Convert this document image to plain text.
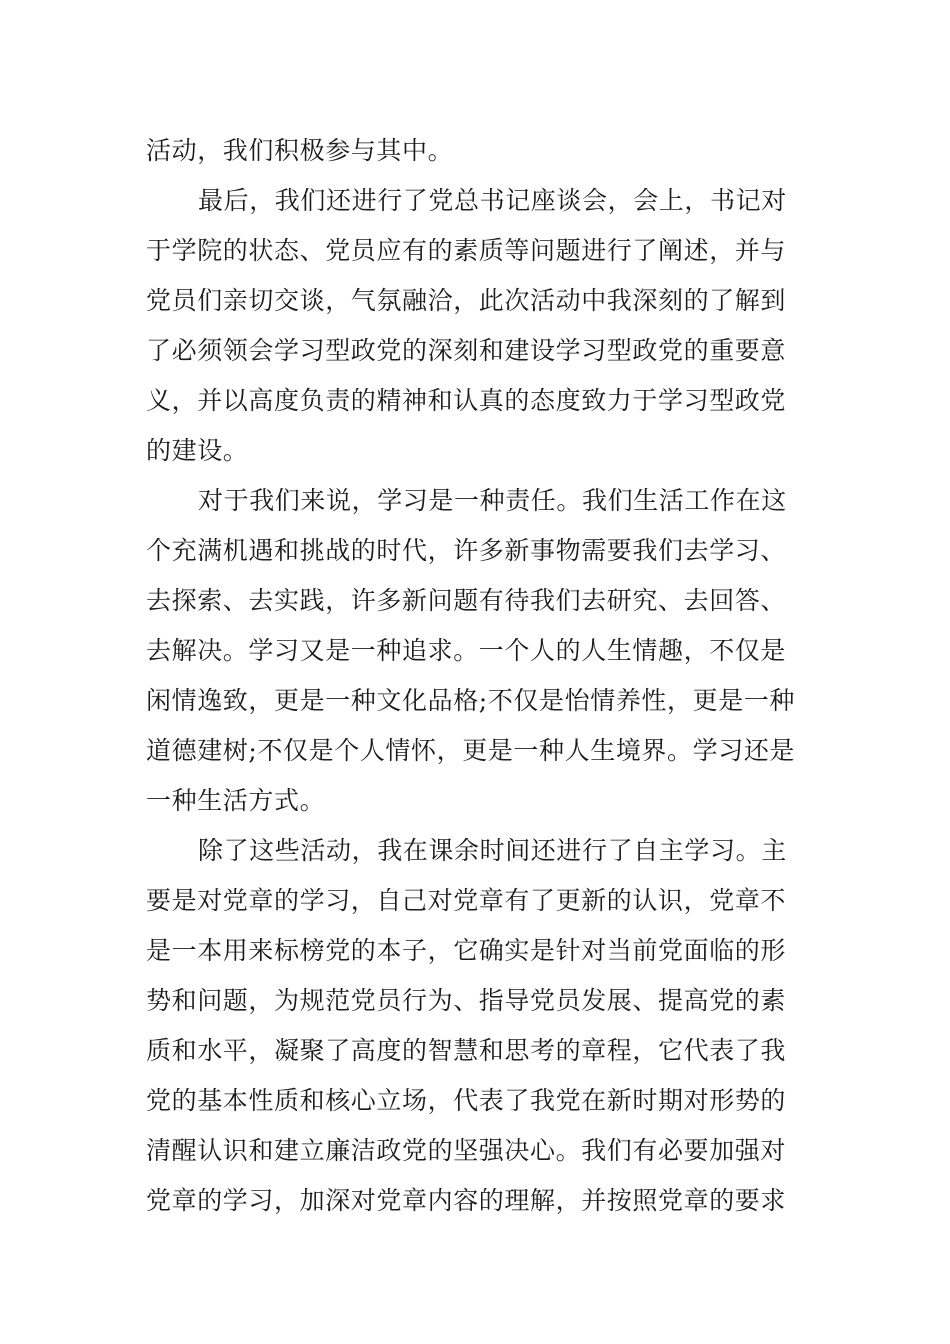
活动，我们积极参与其中。
最后，我们还进行了党总书记座谈会，会上，书记对
于学院的状态、党员应有的素质等问题进行了阐述，并与
党员们亲切交谈，气氛融洽，此次活动中我深刻的了解到
了必须领会学习型政党的深刻和建设学习型政党的重要意
义，并以高度负责的精神和认真的态度致力于学习型政党
的建设。
对于我们来说，学习是一种责任。我们生活工作在这
个充满机遇和挑战的时代，许多新事物需要我们去学习、
去探索、去实践，许多新问题有待我们去研究、去回答、
去解决。学习又是一种追求。一个人的人生情趣，不仅是
闲情逸致，更是一种文化品格;不仅是怡情养性，更是一种
道德建树;不仅是个人情怀，更是一种人生境界。学习还是
一种生活方式。
除了这些活动，我在课余时间还进行了自主学习。主
要是对党章的学习，自己对党章有了更新的认识，党章不
是一本用来标榜党的本子，它确实是针对当前党面临的形
势和问题，为规范党员行为、指导党员发展、提高党的素
质和水平，凝聚了高度的智慧和思考的章程，它代表了我
党的基本性质和核心立场，代表了我党在新时期对形势的
清醒认识和建立廉洁政党的坚强决心。我们有必要加强对
党章的学习，加深对党章内容的理解，并按照党章的要求
